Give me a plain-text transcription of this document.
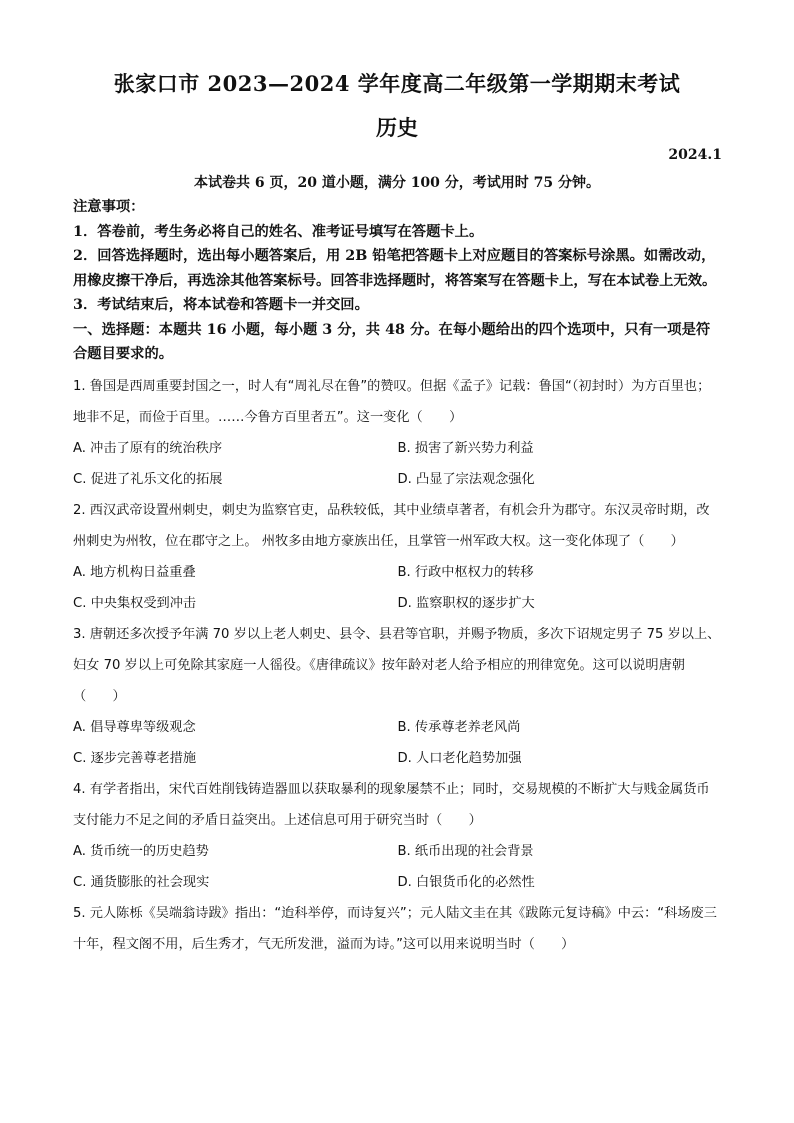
张家口市 2023—2024 学年度高二年级第一学期期末考试
历史
2024.1
本试卷共 6 页，20 道小题，满分 100 分，考试用时 75 分钟。

注意事项：

1．答卷前，考生务必将自己的姓名、准考证号填写在答题卡上。

2．回答选择题时，选出每小题答案后，用 2B 铅笔把答题卡上对应题目的答案标号涂黑。如需改动，用橡皮擦干净后，再选涂其他答案标号。回答非选择题时，将答案写在答题卡上，写在本试卷上无效。

3．考试结束后，将本试卷和答题卡一并交回。

一、选择题：本题共 16 小题，每小题 3 分，共 48 分。在每小题给出的四个选项中，只有一项是符合题目要求的。

1. 鲁国是西周重要封国之一，时人有“周礼尽在鲁”的赞叹。但据《孟子》记载：鲁国“（初封时）为方百里也；地非不足，而俭于百里。……今鲁方百里者五”。这一变化（　　）

A. 冲击了原有的统治秩序	B. 损害了新兴势力利益
C. 促进了礼乐文化的拓展	D. 凸显了宗法观念强化

2. 西汉武帝设置州刺史，刺史为监察官吏，品秩较低，其中业绩卓著者，有机会升为郡守。东汉灵帝时期，改州刺史为州牧，位在郡守之上。 州牧多由地方豪族出任，且掌管一州军政大权。这一变化体现了（　　）

A. 地方机构日益重叠	B. 行政中枢权力的转移
C. 中央集权受到冲击	D. 监察职权的逐步扩大

3. 唐朝还多次授予年满 70 岁以上老人刺史、县令、县君等官职，并赐予物质，多次下诏规定男子 75 岁以上、妇女 70 岁以上可免除其家庭一人徭役。《唐律疏议》按年龄对老人给予相应的刑律宽免。这可以说明唐朝（　　）

A. 倡导尊卑等级观念	B. 传承尊老养老风尚
C. 逐步完善尊老措施	D. 人口老化趋势加强

4. 有学者指出，宋代百姓削钱铸造器皿以获取暴利的现象屡禁不止；同时，交易规模的不断扩大与贱金属货币支付能力不足之间的矛盾日益突出。上述信息可用于研究当时（　　）

A. 货币统一的历史趋势	B. 纸币出现的社会背景
C. 通货膨胀的社会现实	D. 白银货币化的必然性

5. 元人陈栎《吴端翁诗跋》指出：“迨科举停，而诗复兴”；元人陆文圭在其《跋陈元复诗稿》中云：“科场废三十年，程文阁不用，后生秀才，气无所发泄，溢而为诗。”这可以用来说明当时（　　）
